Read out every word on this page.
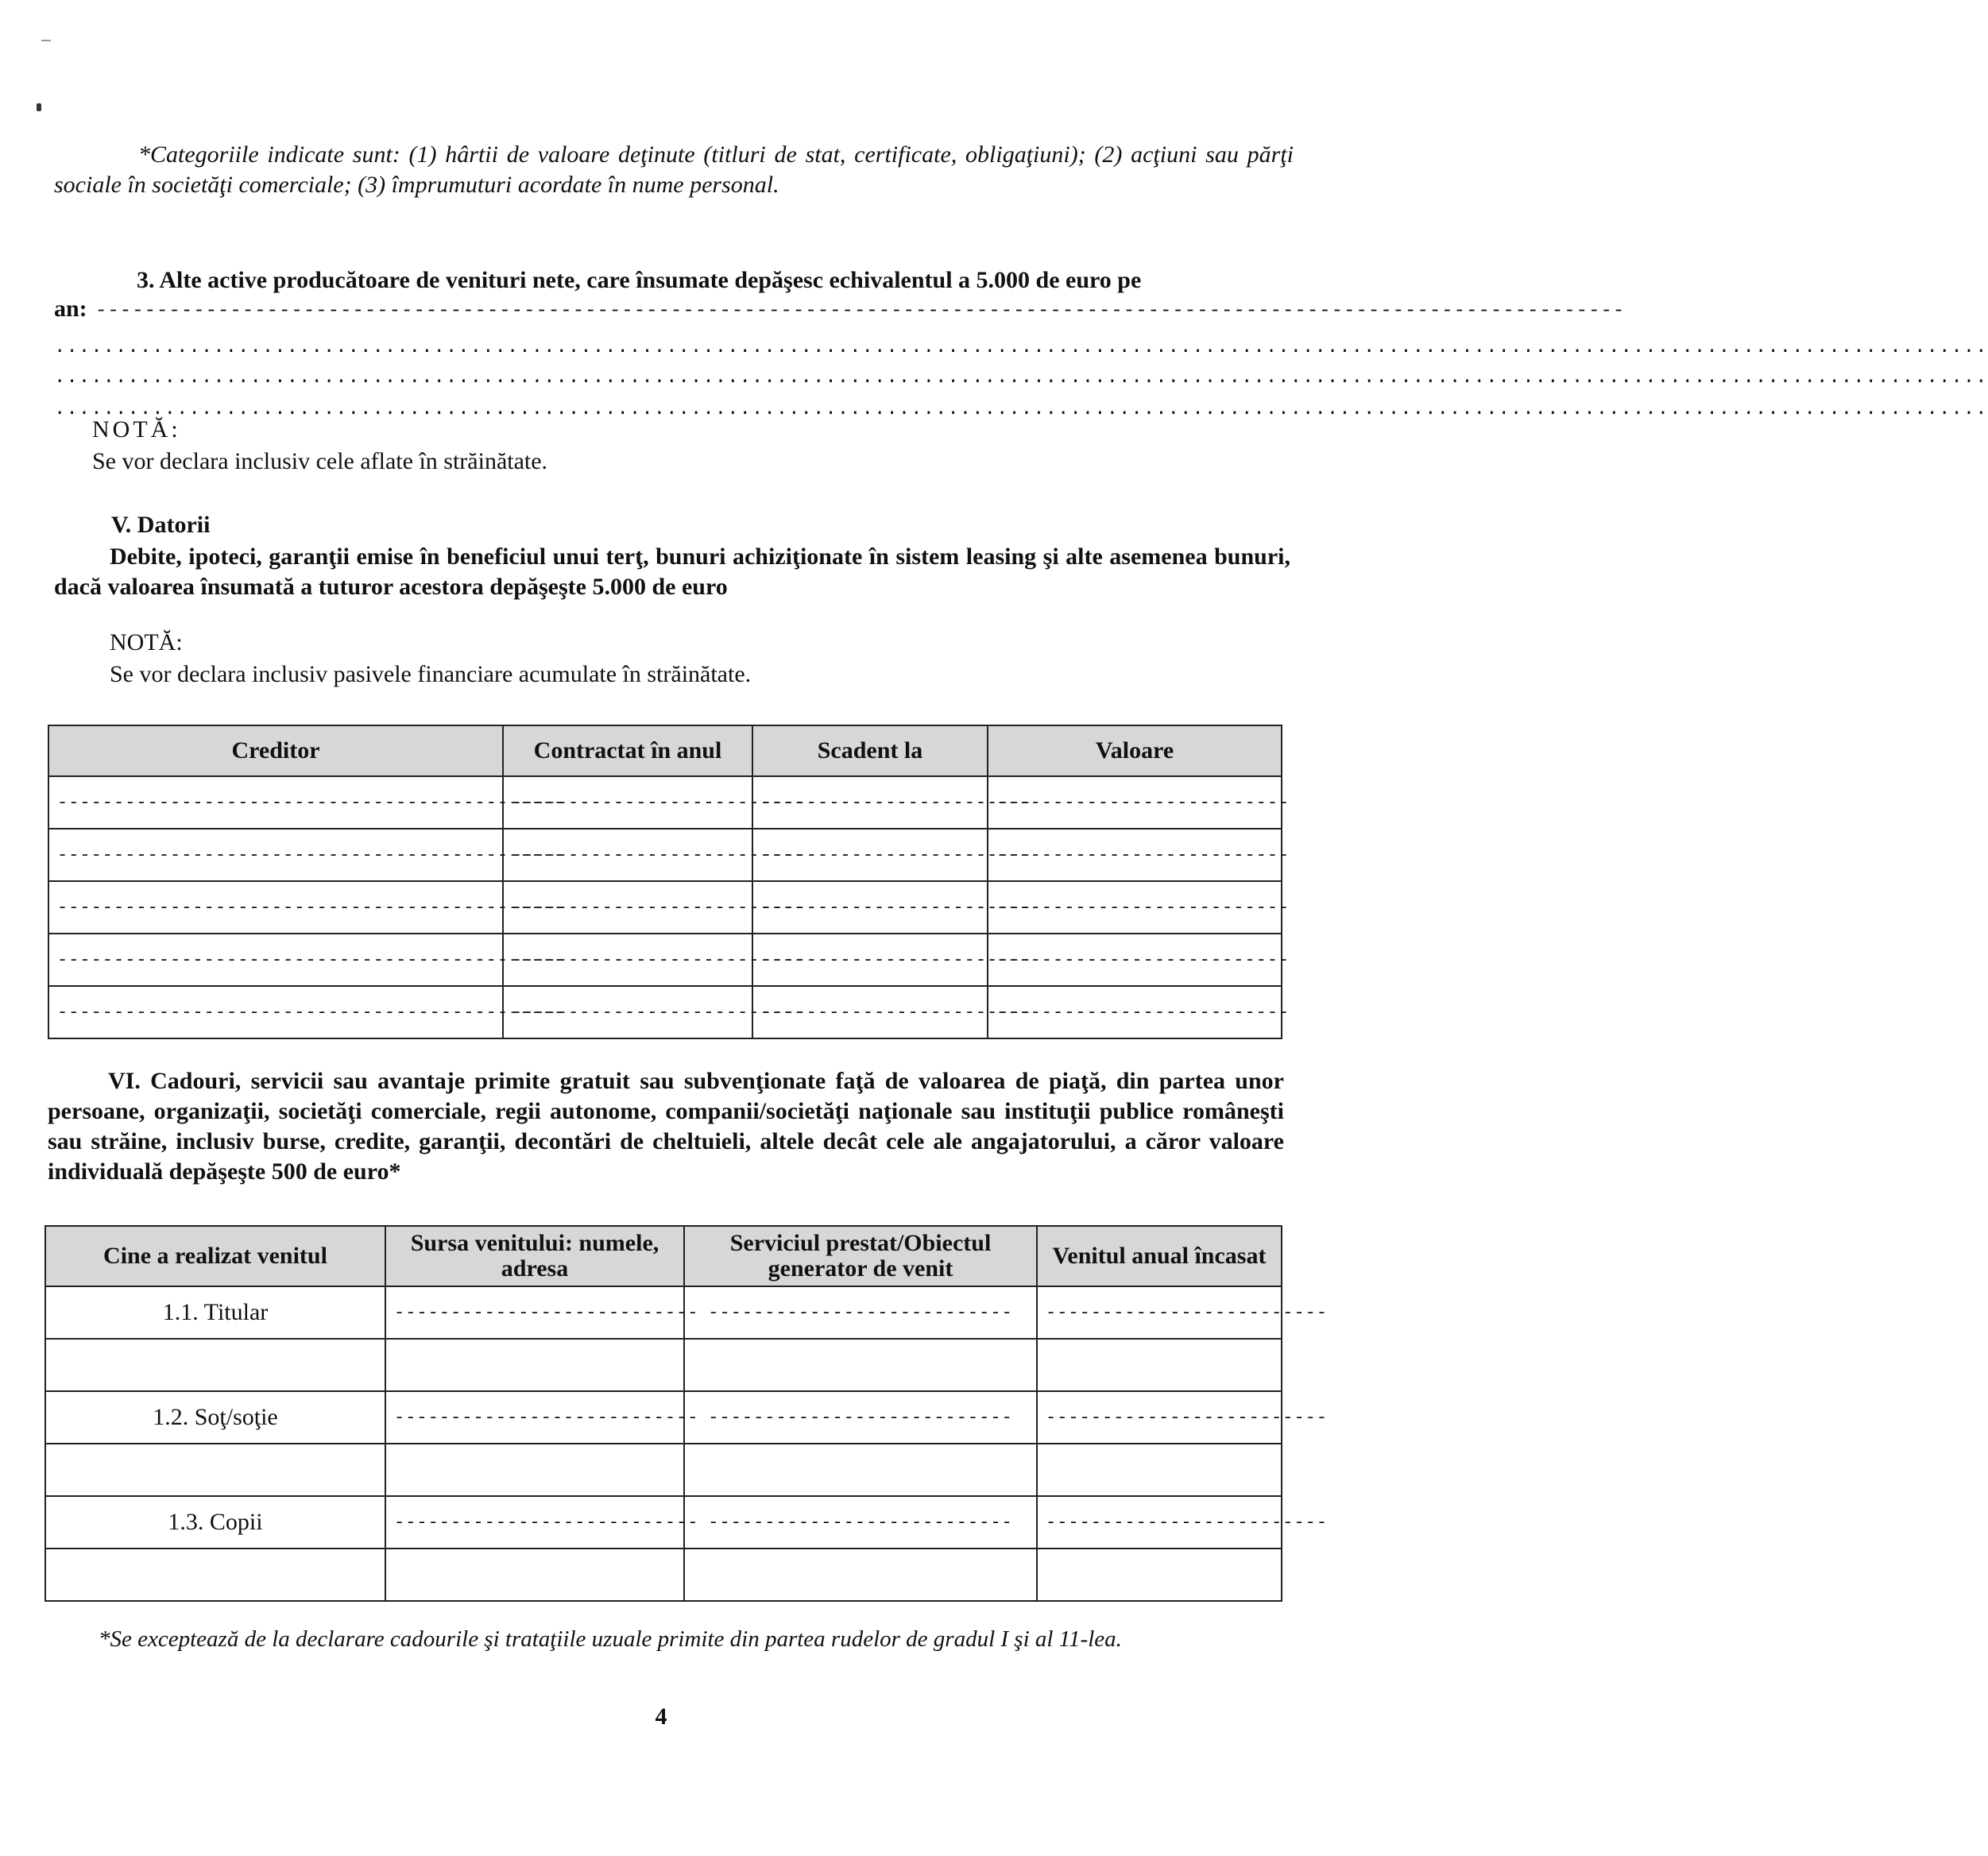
*Categoriile indicate sunt: (1) hârtii de valoare deţinute (titluri de stat, certificate, obligaţiuni); (2) acţiuni sau părţi sociale în societăţi comerciale; (3) împrumuturi acordate în nume personal.
3. Alte active producătoare de venituri nete, care însumate depăşesc echivalentul a 5.000 de euro pe
an: -----------------------------------------------------------------------------------------------------------------------------
..............................................................................................................................................................
..............................................................................................................................................................
..............................................................................................................................................................
NOTĂ:
Se vor declara inclusiv cele aflate în străinătate.
V. Datorii
Debite, ipoteci, garanţii emise în beneficiul unui terţ, bunuri achiziţionate în sistem leasing şi alte asemenea bunuri, dacă valoarea însumată a tuturor acestora depăşeşte 5.000 de euro
NOTĂ:
Se vor declara inclusiv pasivele financiare acumulate în străinătate.
Creditor	Contractat în anul	Scadent la	Valoare

---------------------------------------------	--------------------------	------------------------	--------------------------

---------------------------------------------	--------------------------	------------------------	--------------------------

---------------------------------------------	--------------------------	------------------------	--------------------------

---------------------------------------------	--------------------------	------------------------	--------------------------

---------------------------------------------	--------------------------	------------------------	--------------------------
VI. Cadouri, servicii sau avantaje primite gratuit sau subvenţionate faţă de valoarea de piaţă, din partea unor persoane, organizaţii, societăţi comerciale, regii autonome, companii/societăţi naţionale sau instituţii publice româneşti sau străine, inclusiv burse, credite, garanţii, decontări de cheltuieli, altele decât cele ale angajatorului, a căror valoare individuală depăşeşte 500 de euro*
Cine a realizat venitul	Sursa venitului: numele, adresa	Serviciul prestat/Obiectul generator de venit	Venitul anual încasat
1.1. Titular	---------------------------	---------------------------	-------------------------

1.2. Soţ/soţie	---------------------------	---------------------------	-------------------------

1.3. Copii	---------------------------	---------------------------	-------------------------

*Se exceptează de la declarare cadourile şi trataţiile uzuale primite din partea rudelor de gradul I şi al 11-lea.
4
